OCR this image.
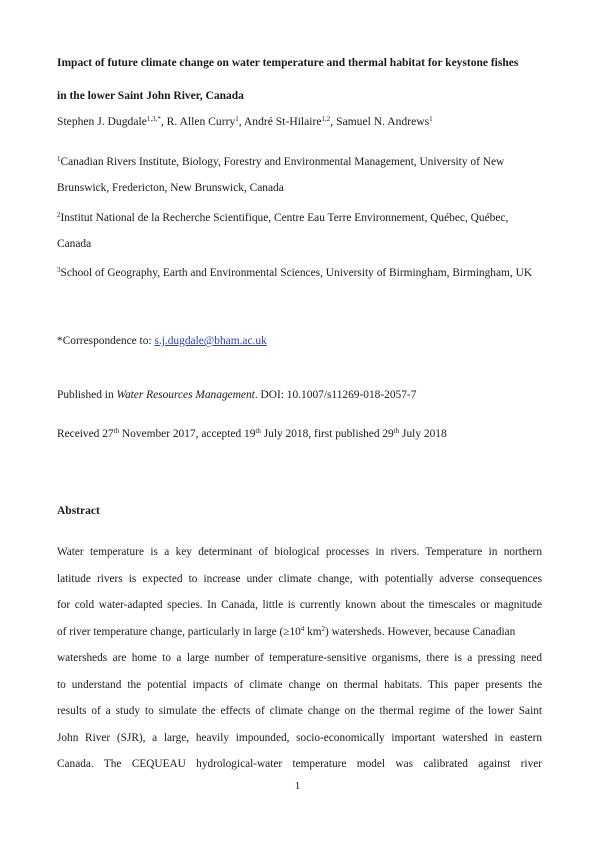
Impact of future climate change on water temperature and thermal habitat for keystone fishes
in the lower Saint John River, Canada
Stephen J. Dugdale$^{1,3,*}$, R. Allen Curry$^1$, André St-Hilaire$^{1,2}$, Samuel N. Andrews$^1$
$^1$Canadian Rivers Institute, Biology, Forestry and Environmental Management, University of New Brunswick, Fredericton, New Brunswick, Canada
$^2$Institut National de la Recherche Scientifique, Centre Eau Terre Environnement, Québec, Québec, Canada
$^3$School of Geography, Earth and Environmental Sciences, University of Birmingham, Birmingham, UK
*Correspondence to: s.j.dugdale@bham.ac.uk
Published in Water Resources Management. DOI: 10.1007/s11269-018-2057-7
Received 27th November 2017, accepted 19th July 2018, first published 29th July 2018
Abstract
Water temperature is a key determinant of biological processes in rivers. Temperature in northern
latitude rivers is expected to increase under climate change, with potentially adverse consequences
for cold water-adapted species. In Canada, little is currently known about the timescales or magnitude
of river temperature change, particularly in large ($\ge 10^4$ $km^2$) watersheds. However, because Canadian
watersheds are home to a large number of temperature-sensitive organisms, there is a pressing need
to understand the potential impacts of climate change on thermal habitats. This paper presents the
results of a study to simulate the effects of climate change on the thermal regime of the lower Saint
John River (SJR), a large, heavily impounded, socio-economically important watershed in eastern
Canada. The CEQUEAU hydrological-water temperature model was calibrated against river
1
